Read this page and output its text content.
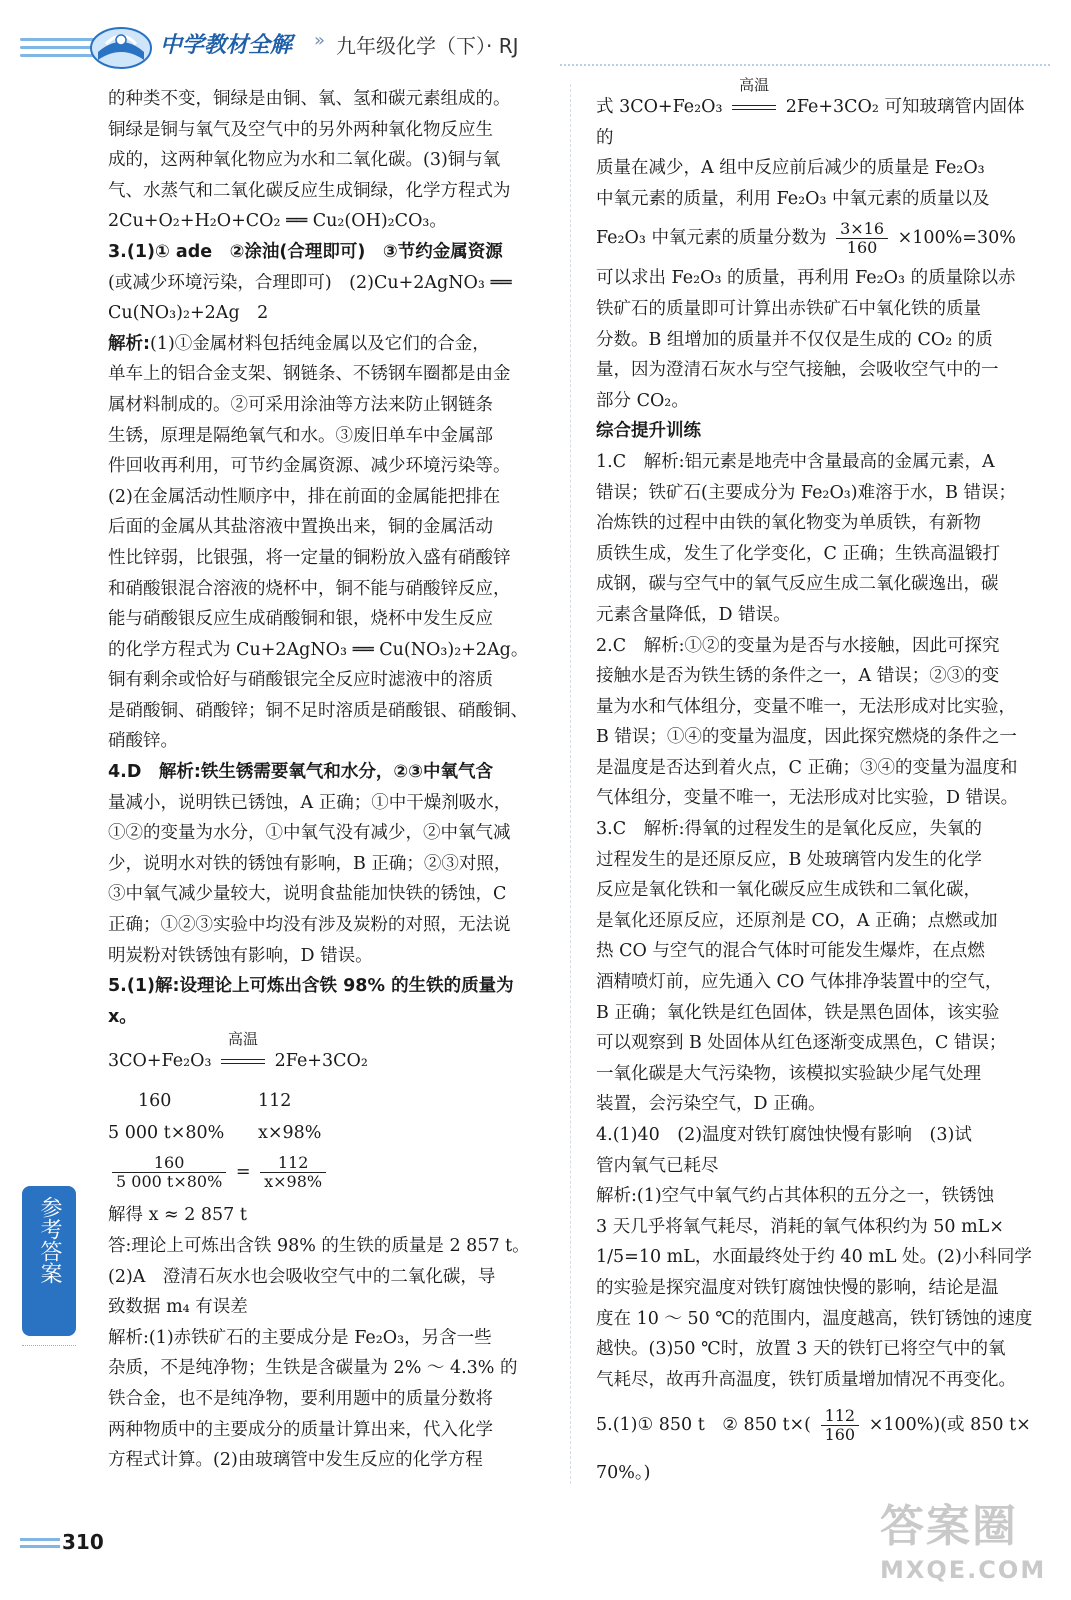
中学教材全解 » 九年级化学（下）· RJ

的种类不变，铜绿是由铜、氧、氢和碳元素组成的。

铜绿是铜与氧气及空气中的另外两种氧化物反应生

成的，这两种氧化物应为水和二氧化碳。(3)铜与氧

气、水蒸气和二氧化碳反应生成铜绿，化学方程式为

2Cu+O₂+H₂O+CO₂ ══ Cu₂(OH)₂CO₃。

3.(1)① ade　②涂油(合理即可)　③节约金属资源

(或减少环境污染，合理即可)　(2)Cu+2AgNO₃ ══

Cu(NO₃)₂+2Ag　2

解析:(1)①金属材料包括纯金属以及它们的合金，

单车上的铝合金支架、钢链条、不锈钢车圈都是由金

属材料制成的。②可采用涂油等方法来防止钢链条

生锈，原理是隔绝氧气和水。③废旧单车中金属部

件回收再利用，可节约金属资源、减少环境污染等。

(2)在金属活动性顺序中，排在前面的金属能把排在

后面的金属从其盐溶液中置换出来，铜的金属活动

性比锌弱，比银强，将一定量的铜粉放入盛有硝酸锌

和硝酸银混合溶液的烧杯中，铜不能与硝酸锌反应，

能与硝酸银反应生成硝酸铜和银，烧杯中发生反应

的化学方程式为 Cu+2AgNO₃ ══ Cu(NO₃)₂+2Ag。

铜有剩余或恰好与硝酸银完全反应时滤液中的溶质

是硝酸铜、硝酸锌；铜不足时溶质是硝酸银、硝酸铜、

硝酸锌。

4.D　解析:铁生锈需要氧气和水分，②③中氧气含

量减小，说明铁已锈蚀，A 正确；①中干燥剂吸水，

①②的变量为水分，①中氧气没有减少，②中氧气减

少，说明水对铁的锈蚀有影响，B 正确；②③对照，

③中氧气减少量较大，说明食盐能加快铁的锈蚀，C

正确；①②③实验中均没有涉及炭粉的对照，无法说

明炭粉对铁锈蚀有影响，D 错误。

5.(1)解:设理论上可炼出含铁 98% 的生铁的质量为 x。

3CO+Fe₂O₃
高温
2Fe+3CO₂
160	112
5 000 t×80% x×98%
$\frac{160}{5 000 t\times 80\%} = \frac{112}{x\times 98\%}$

解得 x ≈ 2 857 t

答:理论上可炼出含铁 98% 的生铁的质量是 2 857 t。

(2)A　澄清石灰水也会吸收空气中的二氧化碳，导

致数据 m₄ 有误差

解析:(1)赤铁矿石的主要成分是 Fe₂O₃，另含一些

杂质，不是纯净物；生铁是含碳量为 2% ～ 4.3% 的

铁合金，也不是纯净物，要利用题中的质量分数将

两种物质中的主要成分的质量计算出来，代入化学

方程式计算。(2)由玻璃管中发生反应的化学方程

式 3CO+Fe₂O₃
高温
2Fe+3CO₂ 可知玻璃管内固体的

质量在减少，A 组中反应前后减少的质量是 Fe₂O₃

中氧元素的质量，利用 Fe₂O₃ 中氧元素的质量以及

Fe₂O₃ 中氧元素的质量分数为 $\frac{3\times 16}{160} \times 100\%=30\%$

可以求出 Fe₂O₃ 的质量，再利用 Fe₂O₃ 的质量除以赤

铁矿石的质量即可计算出赤铁矿石中氧化铁的质量

分数。B 组增加的质量并不仅仅是生成的 CO₂ 的质

量，因为澄清石灰水与空气接触，会吸收空气中的一

部分 CO₂。

综合提升训练

1.C　解析:铝元素是地壳中含量最高的金属元素，A

错误；铁矿石(主要成分为 Fe₂O₃)难溶于水，B 错误；

冶炼铁的过程中由铁的氧化物变为单质铁，有新物

质铁生成，发生了化学变化，C 正确；生铁高温锻打

成钢，碳与空气中的氧气反应生成二氧化碳逸出，碳

元素含量降低，D 错误。

2.C　解析:①②的变量为是否与水接触，因此可探究

接触水是否为铁生锈的条件之一，A 错误；②③的变

量为水和气体组分，变量不唯一，无法形成对比实验，

B 错误；①④的变量为温度，因此探究燃烧的条件之一

是温度是否达到着火点，C 正确；③④的变量为温度和

气体组分，变量不唯一，无法形成对比实验，D 错误。

3.C　解析:得氧的过程发生的是氧化反应，失氧的

过程发生的是还原反应，B 处玻璃管内发生的化学

反应是氧化铁和一氧化碳反应生成铁和二氧化碳，

是氧化还原反应，还原剂是 CO，A 正确；点燃或加

热 CO 与空气的混合气体时可能发生爆炸，在点燃

酒精喷灯前，应先通入 CO 气体排净装置中的空气，

B 正确；氧化铁是红色固体，铁是黑色固体，该实验

可以观察到 B 处固体从红色逐渐变成黑色，C 错误；

一氧化碳是大气污染物，该模拟实验缺少尾气处理

装置，会污染空气，D 正确。

4.(1)40　(2)温度对铁钉腐蚀快慢有影响　(3)试

管内氧气已耗尽

解析:(1)空气中氧气约占其体积的五分之一，铁锈蚀

3 天几乎将氧气耗尽，消耗的氧气体积约为 50 mL×

1/5=10 mL，水面最终处于约 40 mL 处。(2)小科同学

的实验是探究温度对铁钉腐蚀快慢的影响，结论是温

度在 10 ～ 50 ℃的范围内，温度越高，铁钉锈蚀的速度

越快。(3)50 ℃时，放置 3 天的铁钉已将空气中的氧

气耗尽，故再升高温度，铁钉质量增加情况不再变化。

5.(1)① 850 t　② 850 $t\times( \frac{112}{160} \times 100\%)$(或 850 t×

70%。)

参考答案
310	答案圈
MXQE.COM
